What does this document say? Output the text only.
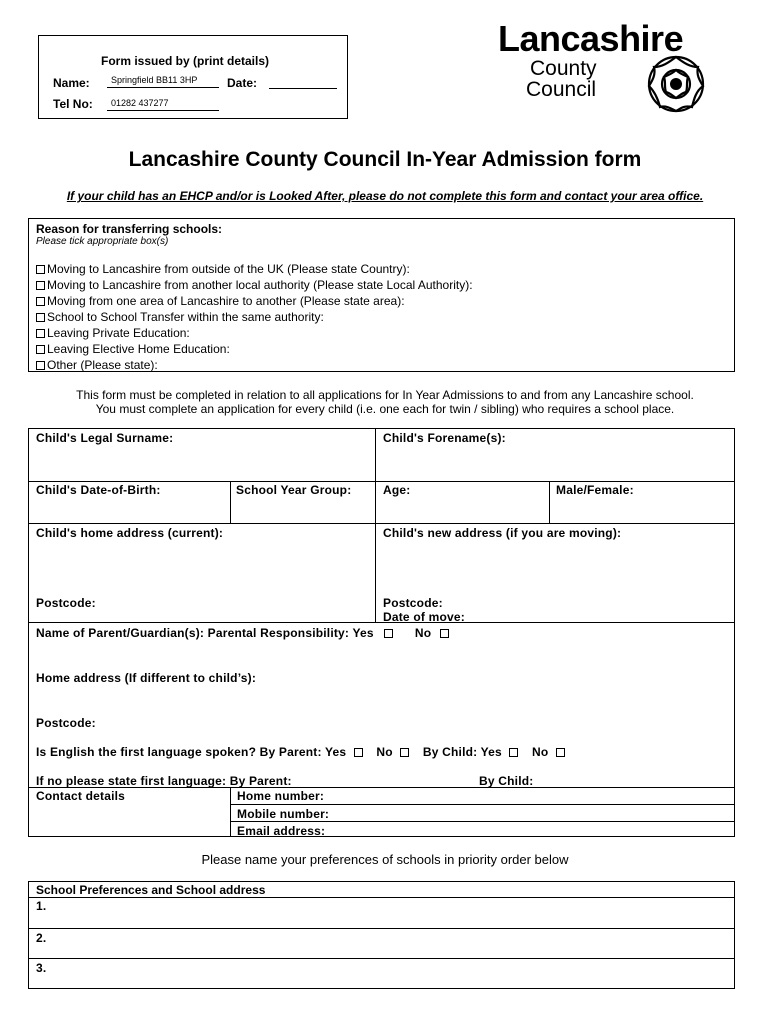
Form issued by (print details)
Name:	Springfield BB11 3HP	Date:
Tel No:	01282 437277
Lancashire
County
Council
Lancashire County Council In-Year Admission form
If your child has an EHCP and/or is Looked After, please do not complete this form and contact your area office.
Reason for transferring schools:
Please tick appropriate box(s)
Moving to Lancashire from outside of the UK (Please state Country):
Moving to Lancashire from another local authority (Please state Local Authority):
Moving from one area of Lancashire to another (Please state area):
School to School Transfer within the same authority:
Leaving Private Education:
Leaving Elective Home Education:
Other (Please state):
This form must be completed in relation to all applications for In Year Admissions to and from any Lancashire school.
You must complete an application for every child (i.e. one each for twin / sibling) who requires a school place.
Child's Legal Surname:	Child's Forename(s):
Child's Date-of-Birth:	School Year Group:	Age:	Male/Female:
Child's home address (current):	Child's new address (if you are moving):
Postcode:	Postcode:
Date of move:
Name of Parent/Guardian(s): Parental Responsibility: Yes	No
Home address (If different to child’s):
Postcode:
Is English the first language spoken? By Parent: Yes	No	By Child: Yes	No
If no please state first language: By Parent:	By Child:
Contact details	Home number:
Mobile number:
Email address:
Please name your preferences of schools in priority order below
School Preferences and School address
1.
2.
3.
